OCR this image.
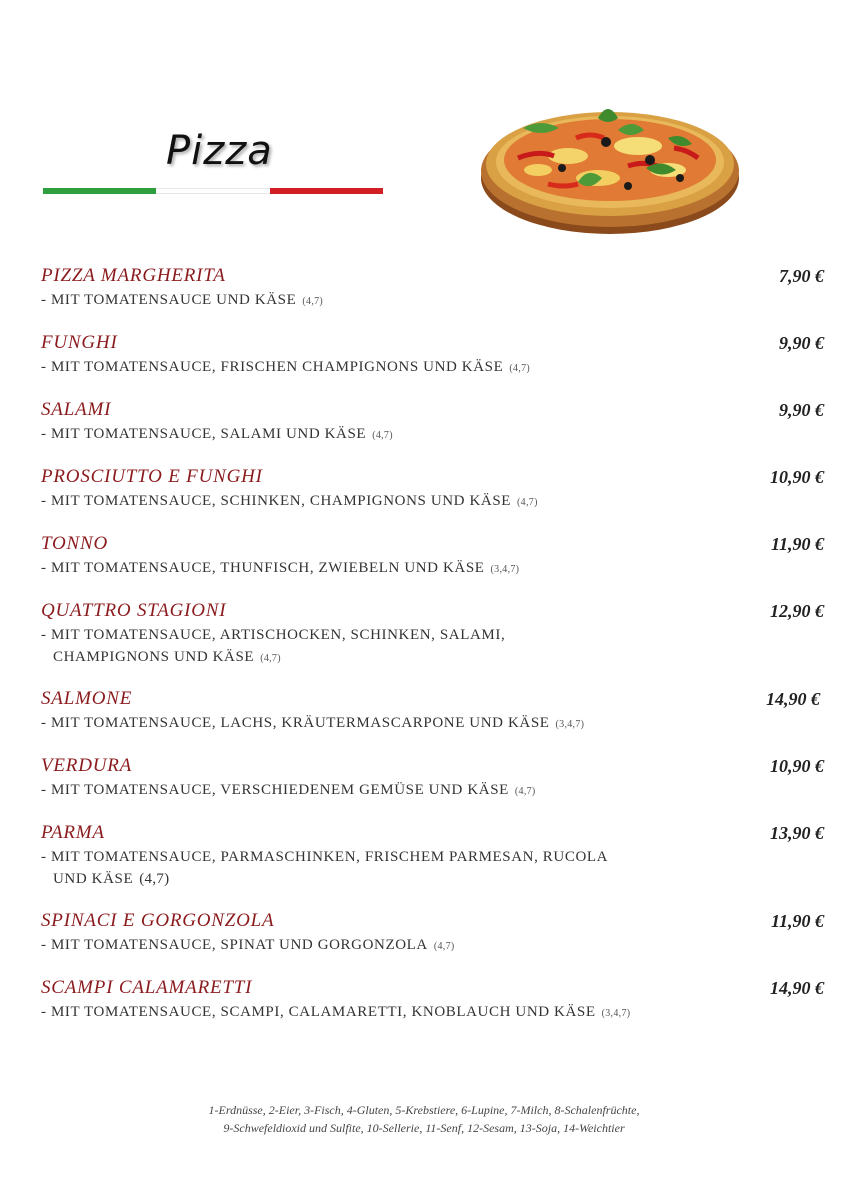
Pizza
PIZZA MARGHERITA	7,90 €
- MIT TOMATENSAUCE UND KÄSE (4,7)
FUNGHI	9,90 €
- MIT TOMATENSAUCE, FRISCHEN CHAMPIGNONS UND KÄSE (4,7)
SALAMI	9,90 €
- MIT TOMATENSAUCE, SALAMI UND KÄSE (4,7)
PROSCIUTTO E FUNGHI	10,90 €
- MIT TOMATENSAUCE, SCHINKEN, CHAMPIGNONS UND KÄSE (4,7)
TONNO	11,90 €
- MIT TOMATENSAUCE, THUNFISCH, ZWIEBELN UND KÄSE (3,4,7)
QUATTRO STAGIONI	12,90 €
- MIT TOMATENSAUCE, ARTISCHOCKEN, SCHINKEN, SALAMI, CHAMPIGNONS UND KÄSE (4,7)
SALMONE	14,90 €
- MIT TOMATENSAUCE, LACHS, KRÄUTERMASCARPONE UND KÄSE (3,4,7)
VERDURA	10,90 €
- MIT TOMATENSAUCE, VERSCHIEDENEM GEMÜSE UND KÄSE (4,7)
PARMA	13,90 €
- MIT TOMATENSAUCE, PARMASCHINKEN, FRISCHEM PARMESAN, RUCOLA UND KÄSE (4,7)
SPINACI E GORGONZOLA	11,90 €
- MIT TOMATENSAUCE, SPINAT UND GORGONZOLA (4,7)
SCAMPI CALAMARETTI	14,90 €
- MIT TOMATENSAUCE, SCAMPI, CALAMARETTI, KNOBLAUCH UND KÄSE (3,4,7)
1-Erdnüsse, 2-Eier, 3-Fisch, 4-Gluten, 5-Krebstiere, 6-Lupine, 7-Milch, 8-Schalenfrüchte,
9-Schwefeldioxid und Sulfite, 10-Sellerie, 11-Senf, 12-Sesam, 13-Soja, 14-Weichtier
